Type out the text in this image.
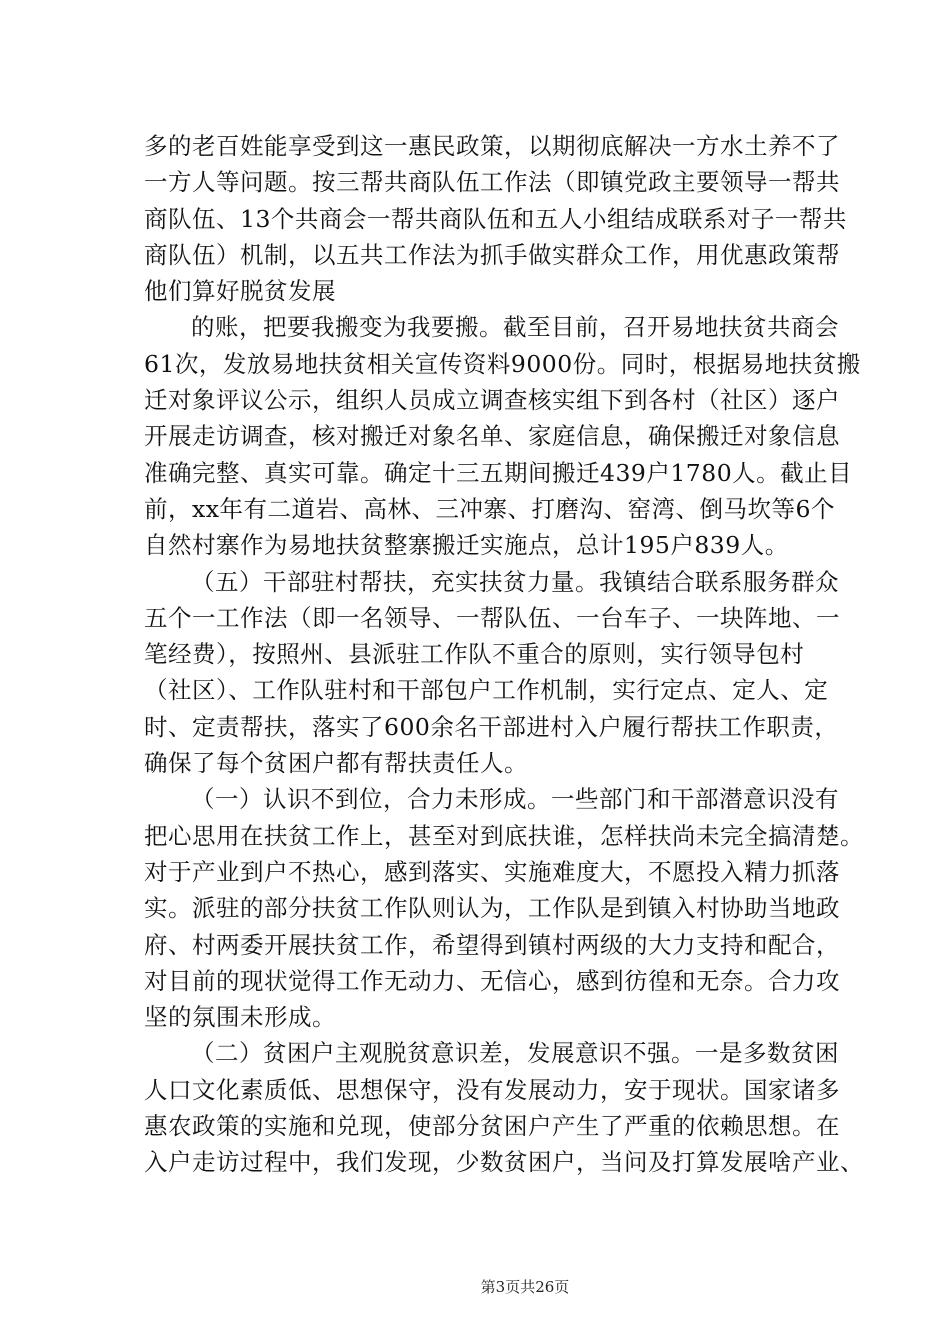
多的老百姓能享受到这一惠民政策，以期彻底解决一方水土养不了
一方人等问题。按三帮共商队伍工作法（即镇党政主要领导一帮共
商队伍、13个共商会一帮共商队伍和五人小组结成联系对子一帮共
商队伍）机制，以五共工作法为抓手做实群众工作，用优惠政策帮
他们算好脱贫发展
的账，把要我搬变为我要搬。截至目前，召开易地扶贫共商会
61次，发放易地扶贫相关宣传资料9000份。同时，根据易地扶贫搬
迁对象评议公示，组织人员成立调查核实组下到各村（社区）逐户
开展走访调查，核对搬迁对象名单、家庭信息，确保搬迁对象信息
准确完整、真实可靠。确定十三五期间搬迁439户1780人。截止目
前，xx年有二道岩、高林、三冲寨、打磨沟、窑湾、倒马坎等6个
自然村寨作为易地扶贫整寨搬迁实施点，总计195户839人。
（五）干部驻村帮扶，充实扶贫力量。我镇结合联系服务群众
五个一工作法（即一名领导、一帮队伍、一台车子、一块阵地、一
笔经费），按照州、县派驻工作队不重合的原则，实行领导包村
（社区）、工作队驻村和干部包户工作机制，实行定点、定人、定
时、定责帮扶，落实了600余名干部进村入户履行帮扶工作职责，
确保了每个贫困户都有帮扶责任人。
（一）认识不到位，合力未形成。一些部门和干部潜意识没有
把心思用在扶贫工作上，甚至对到底扶谁，怎样扶尚未完全搞清楚。
对于产业到户不热心，感到落实、实施难度大，不愿投入精力抓落
实。派驻的部分扶贫工作队则认为，工作队是到镇入村协助当地政
府、村两委开展扶贫工作，希望得到镇村两级的大力支持和配合，
对目前的现状觉得工作无动力、无信心，感到彷徨和无奈。合力攻
坚的氛围未形成。
（二）贫困户主观脱贫意识差，发展意识不强。一是多数贫困
人口文化素质低、思想保守，没有发展动力，安于现状。国家诸多
惠农政策的实施和兑现，使部分贫困户产生了严重的依赖思想。在
入户走访过程中，我们发现，少数贫困户，当问及打算发展啥产业、
第3页共26页
